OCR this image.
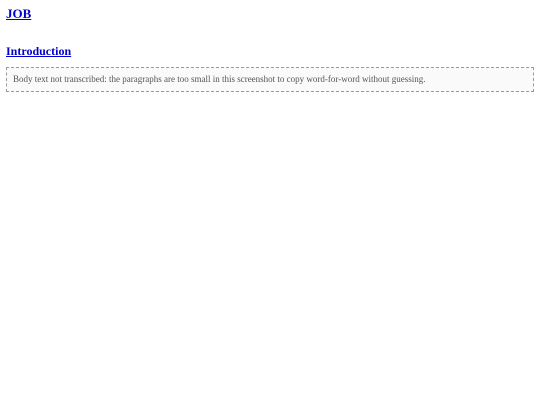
JOB
Introduction

Body text not transcribed: the paragraphs are too small in this screenshot to copy word-for-word without guessing.
